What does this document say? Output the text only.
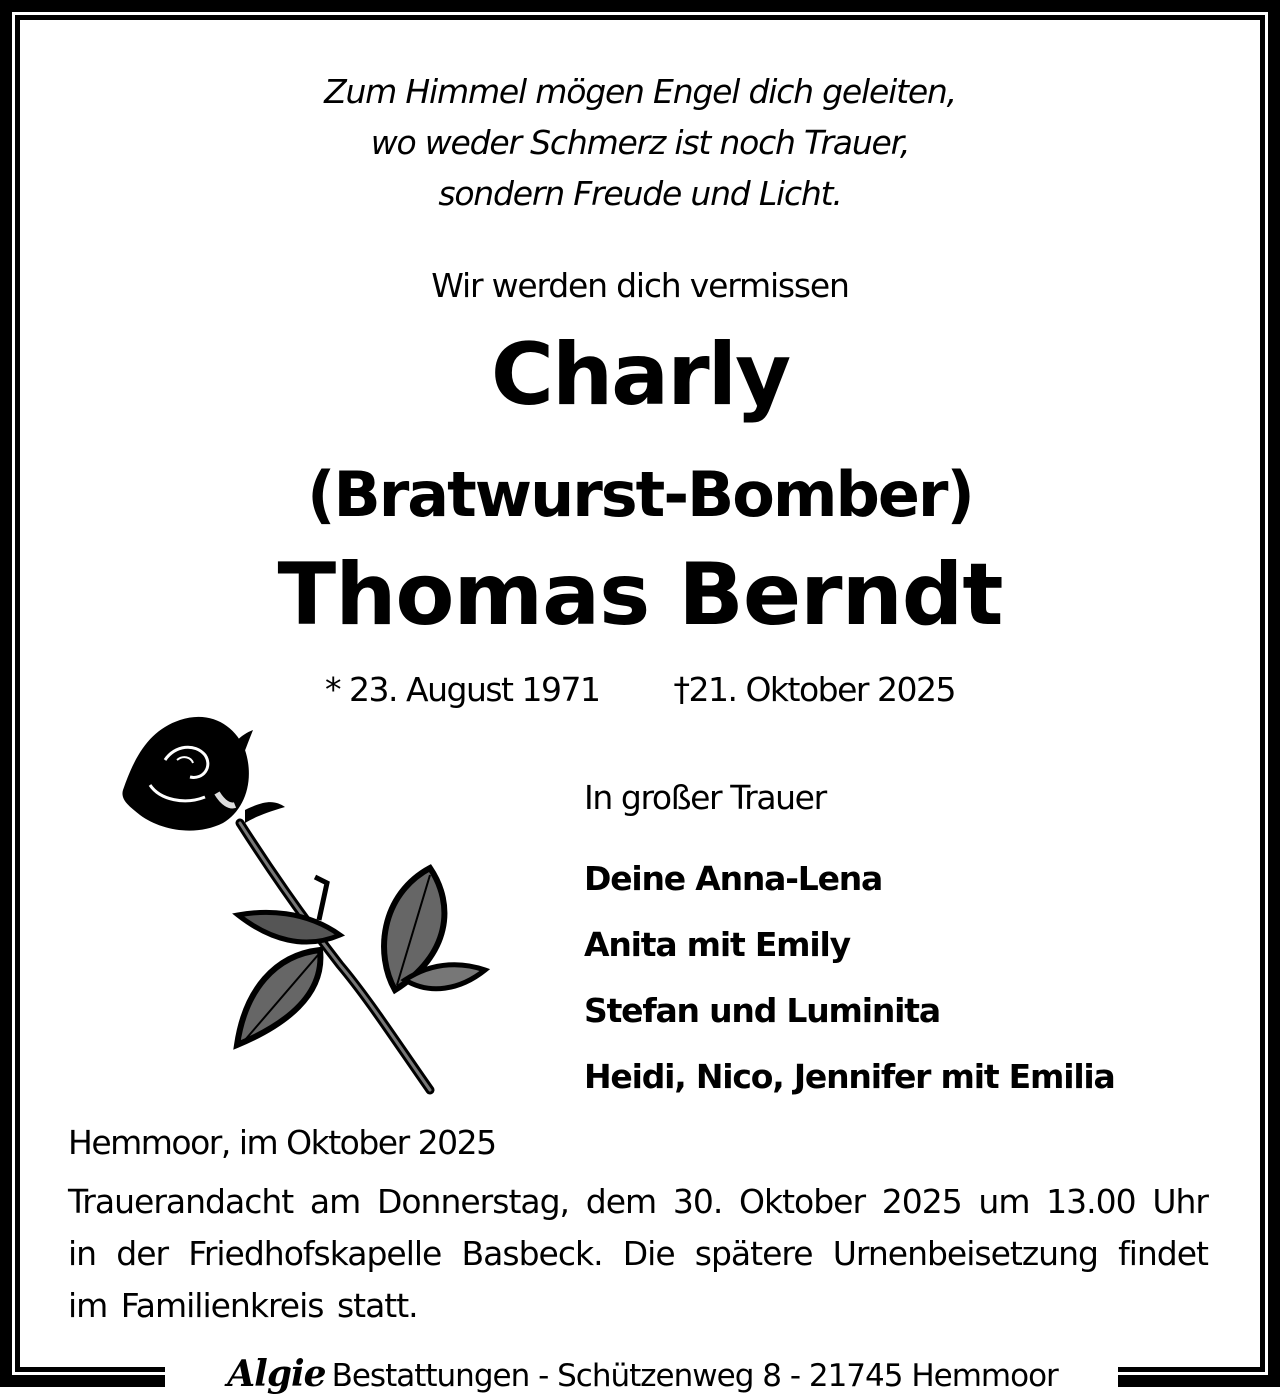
Zum Himmel mögen Engel dich geleiten,
wo weder Schmerz ist noch Trauer,
sondern Freude und Licht.
Wir werden dich vermissen
Charly
(Bratwurst-Bomber)
Thomas Berndt
* 23. August 1971 †21. Oktober 2025
In großer Trauer
Deine Anna-Lena
Anita mit Emily
Stefan und Luminita
Heidi, Nico, Jennifer mit Emilia
Hemmoor, im Oktober 2025
Trauerandacht am Donnerstag, dem 30. Oktober 2025 um 13.00 Uhr in der Friedhofskapelle Basbeck. Die spätere Urnenbeisetzung findet im Familienkreis statt.
Algie Bestattungen - Schützenweg 8 - 21745 Hemmoor
